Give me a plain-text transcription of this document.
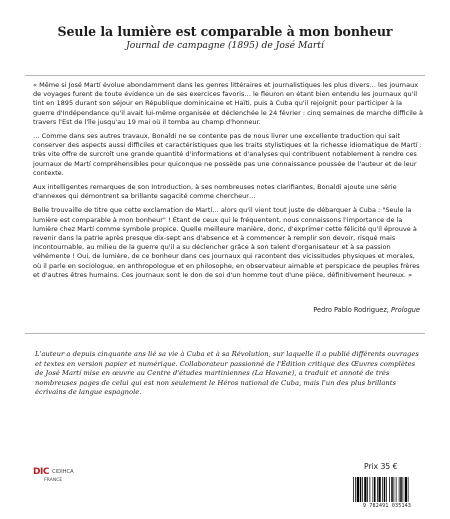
Seule la lumière est comparable à mon bonheur
Journal de campagne (1895) de José Martí

« Même si José Martí évolue abondamment dans les genres littéraires et journalistiques les plus divers… les journaux de voyages furent de toute évidence un de ses exercices favoris… le fleuron en étant bien entendu les journaux qu'il tint en 1895 durant son séjour en République dominicaine et Haïti, puis à Cuba qu'il rejoignit pour participer à la guerre d'Indépendance qu'il avait lui-même organisée et déclenchée le 24 février : cinq semaines de marche difficile à travers l'Est de l'île jusqu'au 19 mai où il tomba au champ d'honneur.

… Comme dans ses autres travaux, Bonaldi ne se contente pas de nous livrer une excellente traduction qui sait conserver des aspects aussi difficiles et caractéristiques que les traits stylistiques et la richesse idiomatique de Martí : très vite offre de surcroît une grande quantité d'informations et d'analyses qui contribuent notablement à rendre ces journaux de Martí compréhensibles pour quiconque ne possède pas une connaissance poussée de l'auteur et de leur contexte.

Aux intelligentes remarques de son Introduction, à ses nombreuses notes clarifiantes, Bonaldi ajoute une série d'annexes qui démontrent sa brillante sagacité comme chercheur…

Belle trouvaille de titre que cette exclamation de Martí… alors qu'il vient tout juste de débarquer à Cuba : "Seule la lumière est comparable à mon bonheur" ! Étant de ceux qui le fréquentent, nous connaissons l'importance de la lumière chez Martí comme symbole propice. Quelle meilleure manière, donc, d'exprimer cette félicité qu'il éprouve à revenir dans la patrie après presque dix-sept ans d'absence et à commencer à remplir son devoir, risqué mais incontournable, au milieu de la guerre qu'il a su déclencher grâce à son talent d'organisateur et à sa passion véhémente ! Oui, de lumière, de ce bonheur dans ces journaux qui racontent des vicissitudes physiques et morales, où il parle en sociologue, en anthropologue et en philosophe, en observateur aimable et perspicace de peuples frères et d'autres êtres humains. Ces journaux sont le don de soi d'un homme tout d'une pièce, définitivement heureux. »

Pedro Pablo Rodriguez, Prologue
L'auteur a depuis cinquante ans lié sa vie à Cuba et à sa Révolution, sur laquelle il a publié différents ouvrages et textes en version papier et numérique. Collaborateur passionné de l'Édition critique des Œuvres complètes de José Martí mise en œuvre au Centre d'études martiniennes (La Havane), a traduit et annoté de très nombreuses pages de celui qui est non seulement le Héros national de Cuba, mais l'un des plus brillants écrivains de langue espagnole.
DIC CIDIHCA
FRANCE
Prix 35 €
9 782491 035143
